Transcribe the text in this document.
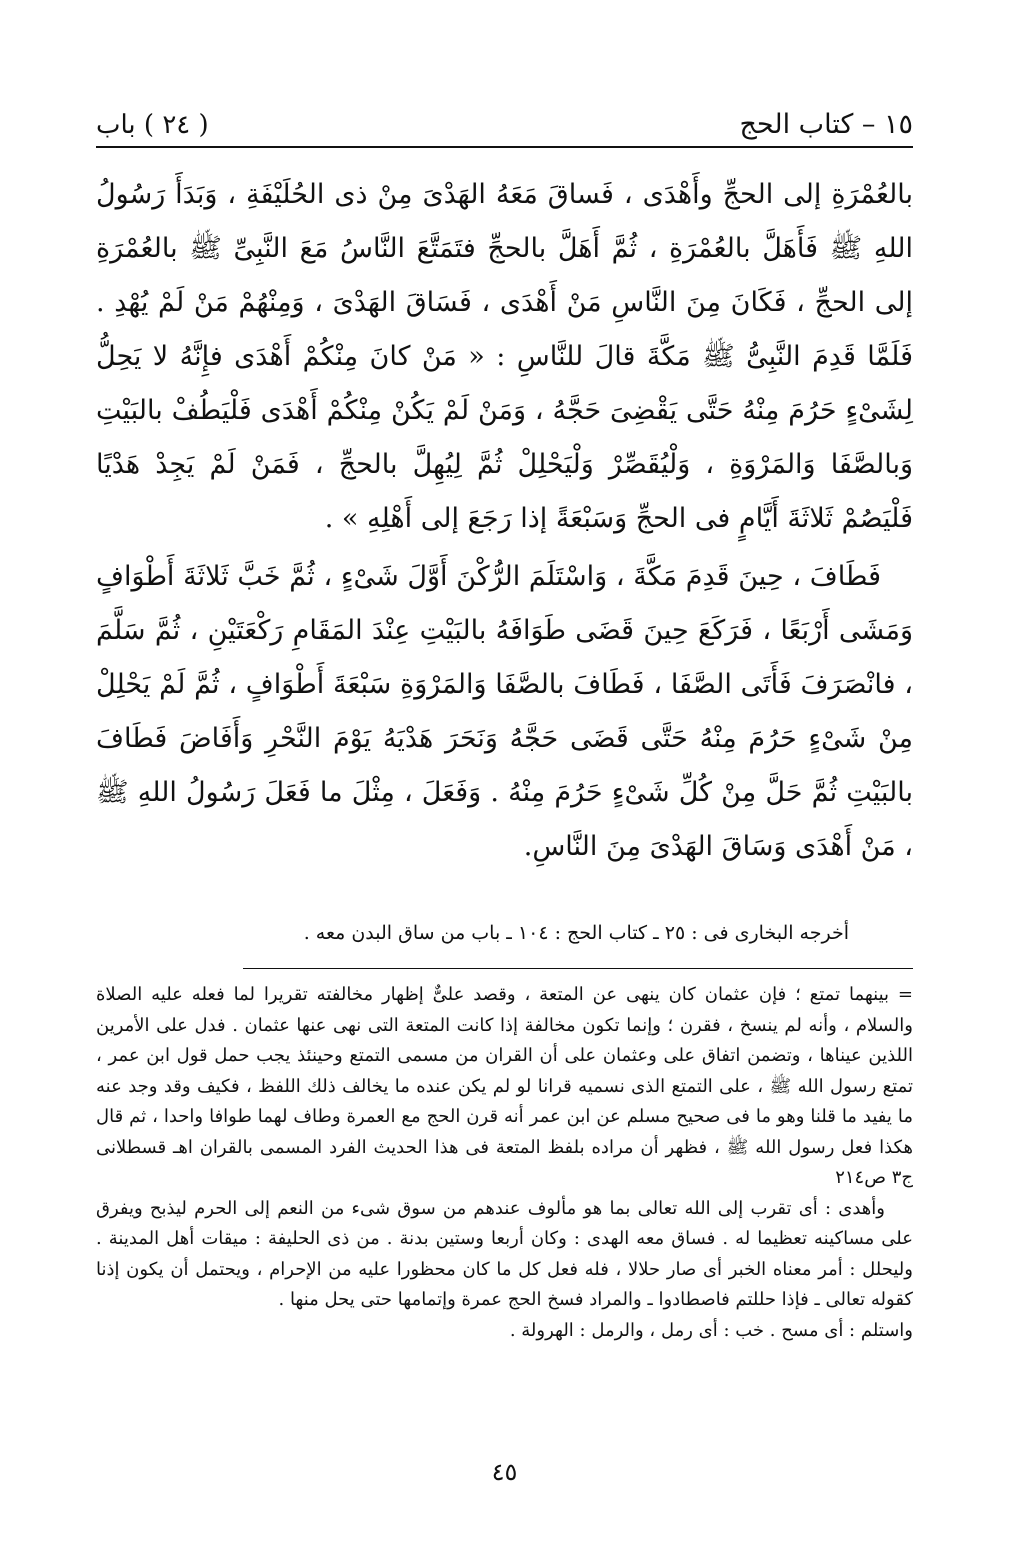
١٥ – كتاب الحج
( ٢٤ ) باب

بالعُمْرَةِ إلى الحجِّ وأَهْدَى ، فَساقَ مَعَهُ الهَدْىَ مِنْ ذى الحُلَيْفَةِ ، وَبَدَأَ رَسُولُ اللهِ ﷺ فَأَهَلَّ بالعُمْرَةِ ، ثُمَّ أَهَلَّ بالحجِّ فتَمَتَّعَ النَّاسُ مَعَ النَّبِىِّ ﷺ بالعُمْرَةِ إلى الحجِّ ، فَكَانَ مِنَ النَّاسِ مَنْ أَهْدَى ، فَسَاقَ الهَدْىَ ، وَمِنْهُمْ مَنْ لَمْ يُهْدِ . فَلَمَّا قَدِمَ النَّبِىُّ ﷺ مَكَّةَ قالَ للنَّاسِ : « مَنْ كانَ مِنْكُمْ أَهْدَى فإِنَّهُ لا يَحِلُّ لِشَىْءٍ حَرُمَ مِنْهُ حَتَّى يَقْضِىَ حَجَّهُ ، وَمَنْ لَمْ يَكُنْ مِنْكُمْ أَهْدَى فَلْيَطُفْ بالبَيْتِ وَبالصَّفَا وَالمَرْوَةِ ، وَلْيُقَصِّرْ وَلْيَحْلِلْ ثُمَّ لِيُهِلَّ بالحجِّ ، فَمَنْ لَمْ يَجِدْ هَدْيًا فَلْيَصُمْ ثَلاثَةَ أَيَّامٍ فى الحجِّ وَسَبْعَةً إذا رَجَعَ إلى أَهْلِهِ » .

فَطَافَ ، حِينَ قَدِمَ مَكَّةَ ، وَاسْتَلَمَ الرُّكْنَ أَوَّلَ شَىْءٍ ، ثُمَّ خَبَّ ثَلاثَةَ أَطْوَافٍ وَمَشَى أَرْبَعًا ، فَرَكَعَ حِينَ قَضَى طَوَافَهُ بالبَيْتِ عِنْدَ المَقَامِ رَكْعَتَيْنِ ، ثُمَّ سَلَّمَ ، فانْصَرَفَ فَأَتَى الصَّفَا ، فَطَافَ بالصَّفَا وَالمَرْوَةِ سَبْعَةَ أَطْوَافٍ ، ثُمَّ لَمْ يَحْلِلْ مِنْ شَىْءٍ حَرُمَ مِنْهُ حَتَّى قَضَى حَجَّهُ وَنَحَرَ هَدْيَهُ يَوْمَ النَّحْرِ وَأَفَاضَ فَطَافَ بالبَيْتِ ثُمَّ حَلَّ مِنْ كُلِّ شَىْءٍ حَرُمَ مِنْهُ . وَفَعَلَ ، مِثْلَ ما فَعَلَ رَسُولُ اللهِ ﷺ ، مَنْ أَهْدَى وَسَاقَ الهَدْىَ مِنَ النَّاسِ.

أخرجه البخارى فى : ٢٥ ـ كتاب الحج : ١٠٤ ـ باب من ساق البدن معه .

= بينهما تمتع ؛ فإن عثمان كان ينهى عن المتعة ، وقصد علىٌّ إظهار مخالفته تقريرا لما فعله عليه الصلاة والسلام ، وأنه لم ينسخ ، فقرن ؛ وإنما تكون مخالفة إذا كانت المتعة التى نهى عنها عثمان . فدل على الأمرين اللذين عيناها ، وتضمن اتفاق على وعثمان على أن القران من مسمى التمتع وحينئذ يجب حمل قول ابن عمر ، تمتع رسول الله ﷺ ، على التمتع الذى نسميه قرانا لو لم يكن عنده ما يخالف ذلك اللفظ ، فكيف وقد وجد عنه ما يفيد ما قلنا وهو ما فى صحيح مسلم عن ابن عمر أنه قرن الحج مع العمرة وطاف لهما طوافا واحدا ، ثم قال هكذا فعل رسول الله ﷺ ، فظهر أن مراده بلفظ المتعة فى هذا الحديث الفرد المسمى بالقران اهـ قسطلانى ج٣ ص٢١٤

وأهدى : أى تقرب إلى الله تعالى بما هو مألوف عندهم من سوق شىء من النعم إلى الحرم ليذبح ويفرق على مساكينه تعظيما له . فساق معه الهدى : وكان أربعا وستين بدنة . من ذى الحليفة : ميقات أهل المدينة . وليحلل : أمر معناه الخبر أى صار حلالا ، فله فعل كل ما كان محظورا عليه من الإحرام ، ويحتمل أن يكون إذنا كقوله تعالى ـ فإذا حللتم فاصطادوا ـ والمراد فسخ الحج عمرة وإتمامها حتى يحل منها .

واستلم : أى مسح . خب : أى رمل ، والرمل : الهرولة .

٤٥
